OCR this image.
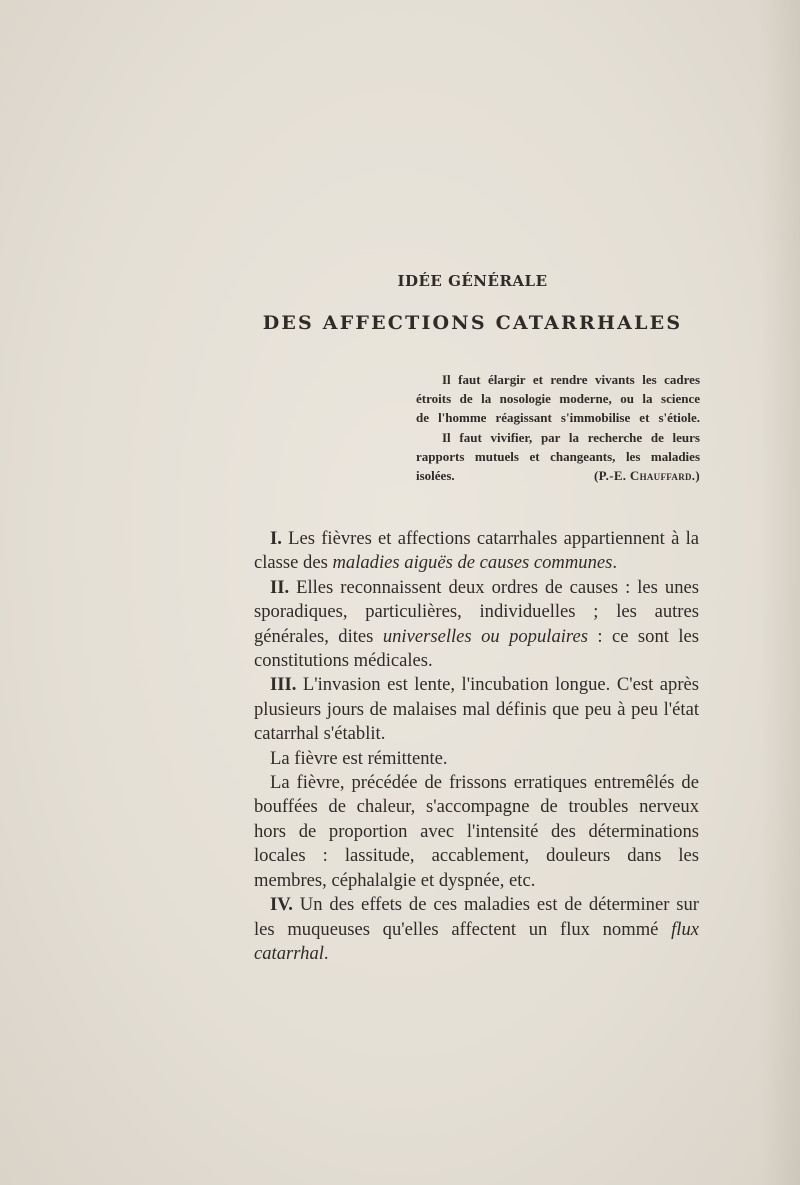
IDÉE GÉNÉRALE
DES AFFECTIONS CATARRHALES
Il faut élargir et rendre vivants les cadres
étroits de la nosologie moderne, ou la science
de l'homme réagissant s'immobilise et s'étiole.
Il faut vivifier, par la recherche de leurs
rapports mutuels et changeants, les maladies
isolées.	(P.-E. Chauffard.)

I. Les fièvres et affections catarrhales appartiennent à la classe des maladies aiguës de causes communes.

II. Elles reconnaissent deux ordres de causes : les unes sporadiques, particulières, individuelles ; les autres générales, dites universelles ou populaires : ce sont les constitutions médicales.

III. L'invasion est lente, l'incubation longue. C'est après plusieurs jours de malaises mal définis que peu à peu l'état catarrhal s'établit.

La fièvre est rémittente.

La fièvre, précédée de frissons erratiques entremêlés de bouffées de chaleur, s'accompagne de troubles nerveux hors de proportion avec l'intensité des déterminations locales : lassitude, accablement, douleurs dans les membres, céphalalgie et dyspnée, etc.

IV. Un des effets de ces maladies est de déterminer sur les muqueuses qu'elles affectent un flux nommé flux catarrhal.
